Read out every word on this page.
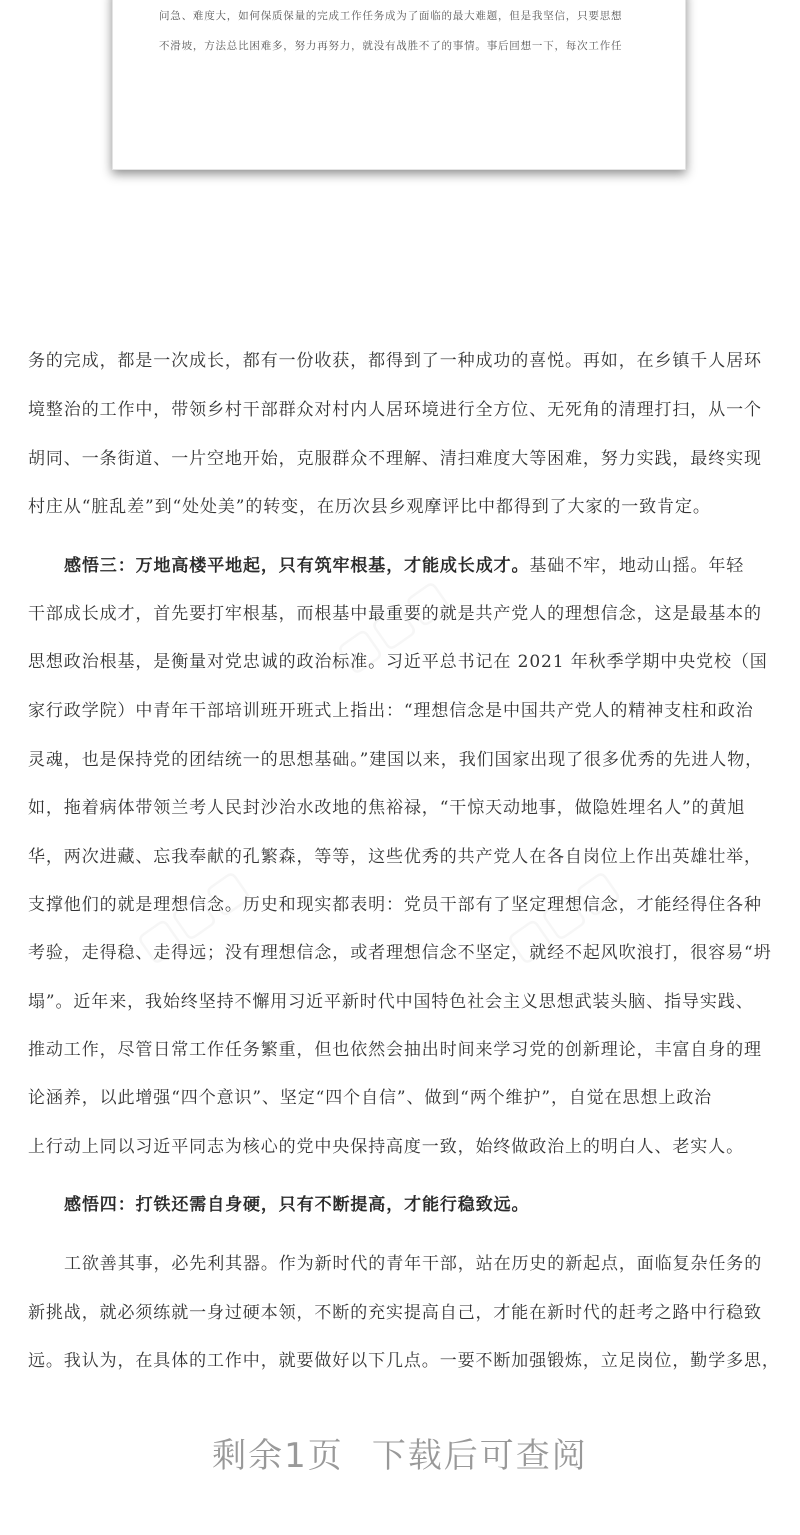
问急、难度大，如何保质保量的完成工作任务成为了面临的最大难题，但是我坚信，只要思想
不滑坡，方法总比困难多，努力再努力，就没有战胜不了的事情。事后回想一下，每次工作任
▢▢▢
▢▢▢	▢▢▢
务的完成，都是一次成长，都有一份收获，都得到了一种成功的喜悦。再如，在乡镇千人居环
境整治的工作中，带领乡村干部群众对村内人居环境进行全方位、无死角的清理打扫，从一个
胡同、一条街道、一片空地开始，克服群众不理解、清扫难度大等困难，努力实践，最终实现
村庄从“脏乱差”到“处处美”的转变，在历次县乡观摩评比中都得到了大家的一致肯定。
感悟三：万地高楼平地起，只有筑牢根基，才能成长成才。基础不牢，地动山摇。年轻
干部成长成才，首先要打牢根基，而根基中最重要的就是共产党人的理想信念，这是最基本的
思想政治根基，是衡量对党忠诚的政治标准。习近平总书记在 2021 年秋季学期中央党校（国
家行政学院）中青年干部培训班开班式上指出：“理想信念是中国共产党人的精神支柱和政治
灵魂，也是保持党的团结统一的思想基础。”建国以来，我们国家出现了很多优秀的先进人物，
如，拖着病体带领兰考人民封沙治水改地的焦裕禄，“干惊天动地事，做隐姓埋名人”的黄旭
华，两次进藏、忘我奉献的孔繁森，等等，这些优秀的共产党人在各自岗位上作出英雄壮举，
支撑他们的就是理想信念。历史和现实都表明：党员干部有了坚定理想信念，才能经得住各种
考验，走得稳、走得远；没有理想信念，或者理想信念不坚定，就经不起风吹浪打，很容易“坍
塌”。近年来，我始终坚持不懈用习近平新时代中国特色社会主义思想武装头脑、指导实践、
推动工作，尽管日常工作任务繁重，但也依然会抽出时间来学习党的创新理论，丰富自身的理
论涵养，以此增强“四个意识”、坚定“四个自信”、做到“两个维护”，自觉在思想上政治
上行动上同以习近平同志为核心的党中央保持高度一致，始终做政治上的明白人、老实人。
感悟四：打铁还需自身硬，只有不断提高，才能行稳致远。
工欲善其事，必先利其器。作为新时代的青年干部，站在历史的新起点，面临复杂任务的
新挑战，就必须练就一身过硬本领，不断的充实提高自己，才能在新时代的赶考之路中行稳致
远。我认为，在具体的工作中，就要做好以下几点。一要不断加强锻炼，立足岗位，勤学多思，
剩余1页 下载后可查阅
